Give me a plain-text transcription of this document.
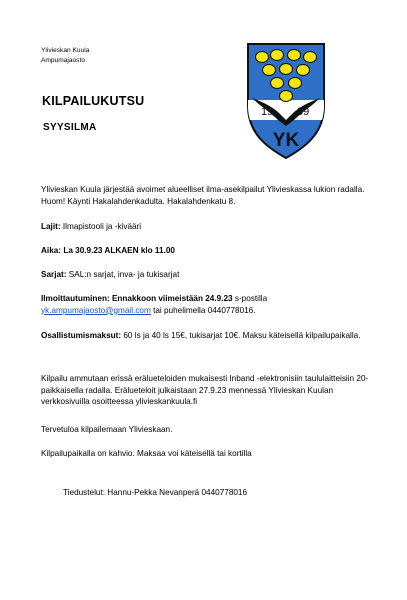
Ylivieskan Kuula
Ampumajaosto
KILPAILUKUTSU
SYYSILMA
19 09
YK
Ylivieskan Kuula järjestää avoimet alueelliset ilma-asekilpailut Ylivieskassa lukion radalla. Huom! Käynti Hakalahdenkadulta. Hakalahdenkatu 8.
Lajit: Ilmapistooli ja -kivääri
Aika: La 30.9.23 ALKAEN klo 11.00
Sarjat: SAL:n sarjat, inva- ja tukisarjat
Ilmoittautuminen: Ennakkoon viimeistään 24.9.23 s-postilla
yk.ampumajaosto@gmail.com tai puhelimella 0440778016.
Osallistumismaksut: 60 ls ja 40 ls 15€, tukisarjat 10€. Maksu käteisellä kilpailupaikalla.
Kilpailu ammutaan erissä erälueteloiden mukaisesti Inband -elektronisiin taululaitteisiin 20-paikkaisella radalla. Erälueteloit julkaistaan 27.9.23 mennessä Ylivieskan Kuulan verkkosivuilla osoitteessa ylivieskankuula.fi
Tervetuloa kilpailemaan Ylivieskaan.
Kilpailupaikalla on kahvio. Maksaa voi käteisellä tai kortilla
Tiedustelut: Hannu-Pekka Nevanperä 0440778016
